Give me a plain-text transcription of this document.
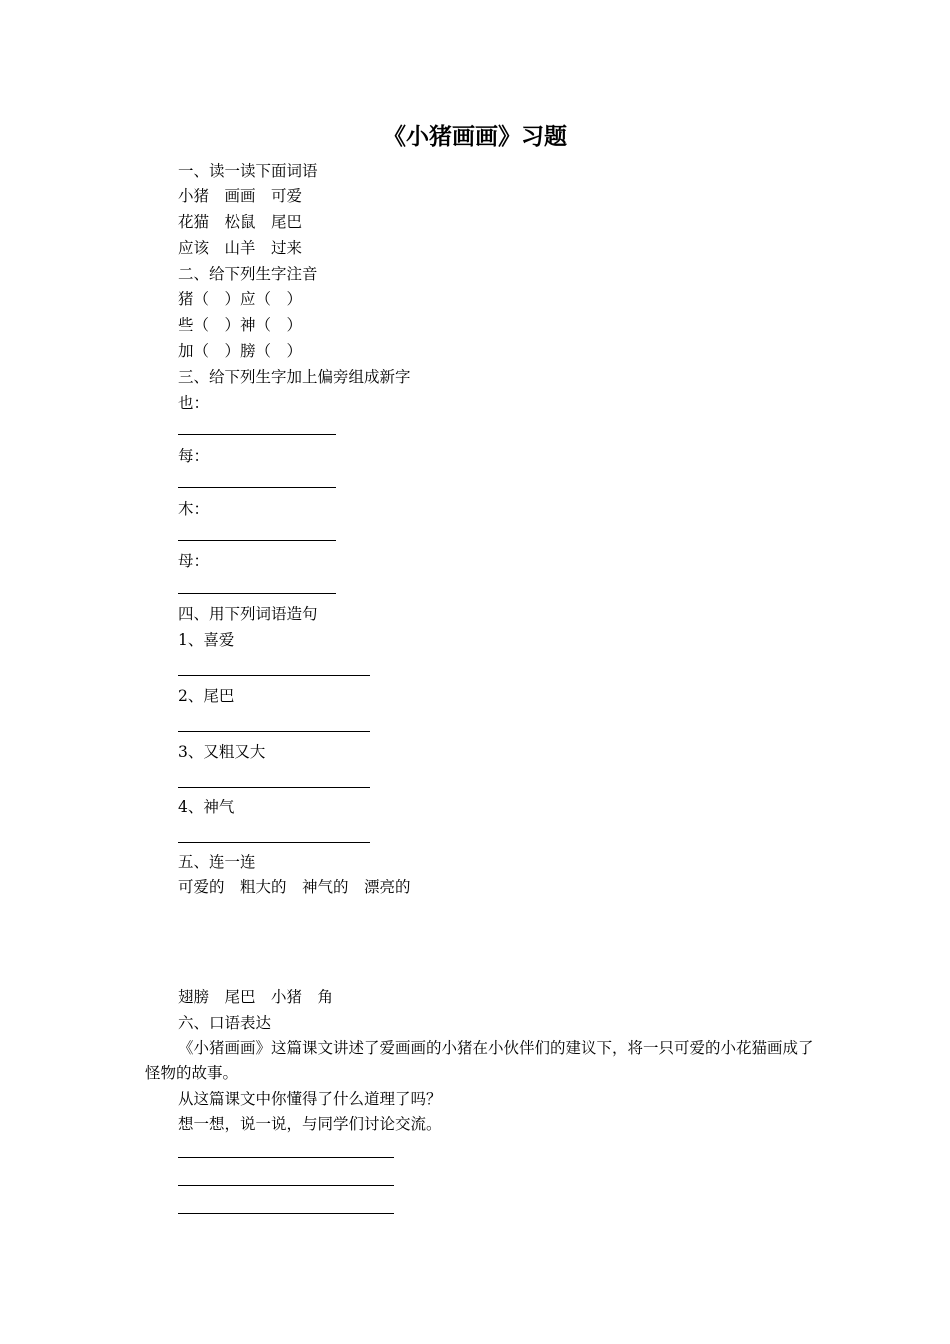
《小猪画画》习题
一、读一读下面词语
小猪　画画　可爱
花猫　松鼠　尾巴
应该　山羊　过来
二、给下列生字注音
猪（　）应（　）
些（　）神（　）
加（　）膀（　）
三、给下列生字加上偏旁组成新字
也：
每：
木：
母：
四、用下列词语造句
1、喜爱
2、尾巴
3、又粗又大
4、神气
五、连一连
可爱的　粗大的　神气的　漂亮的
翅膀　尾巴　小猪　角
六、口语表达
《小猪画画》这篇课文讲述了爱画画的小猪在小伙伴们的建议下，将一只可爱的小花猫画成了怪物的故事。
从这篇课文中你懂得了什么道理了吗？
想一想，说一说，与同学们讨论交流。
